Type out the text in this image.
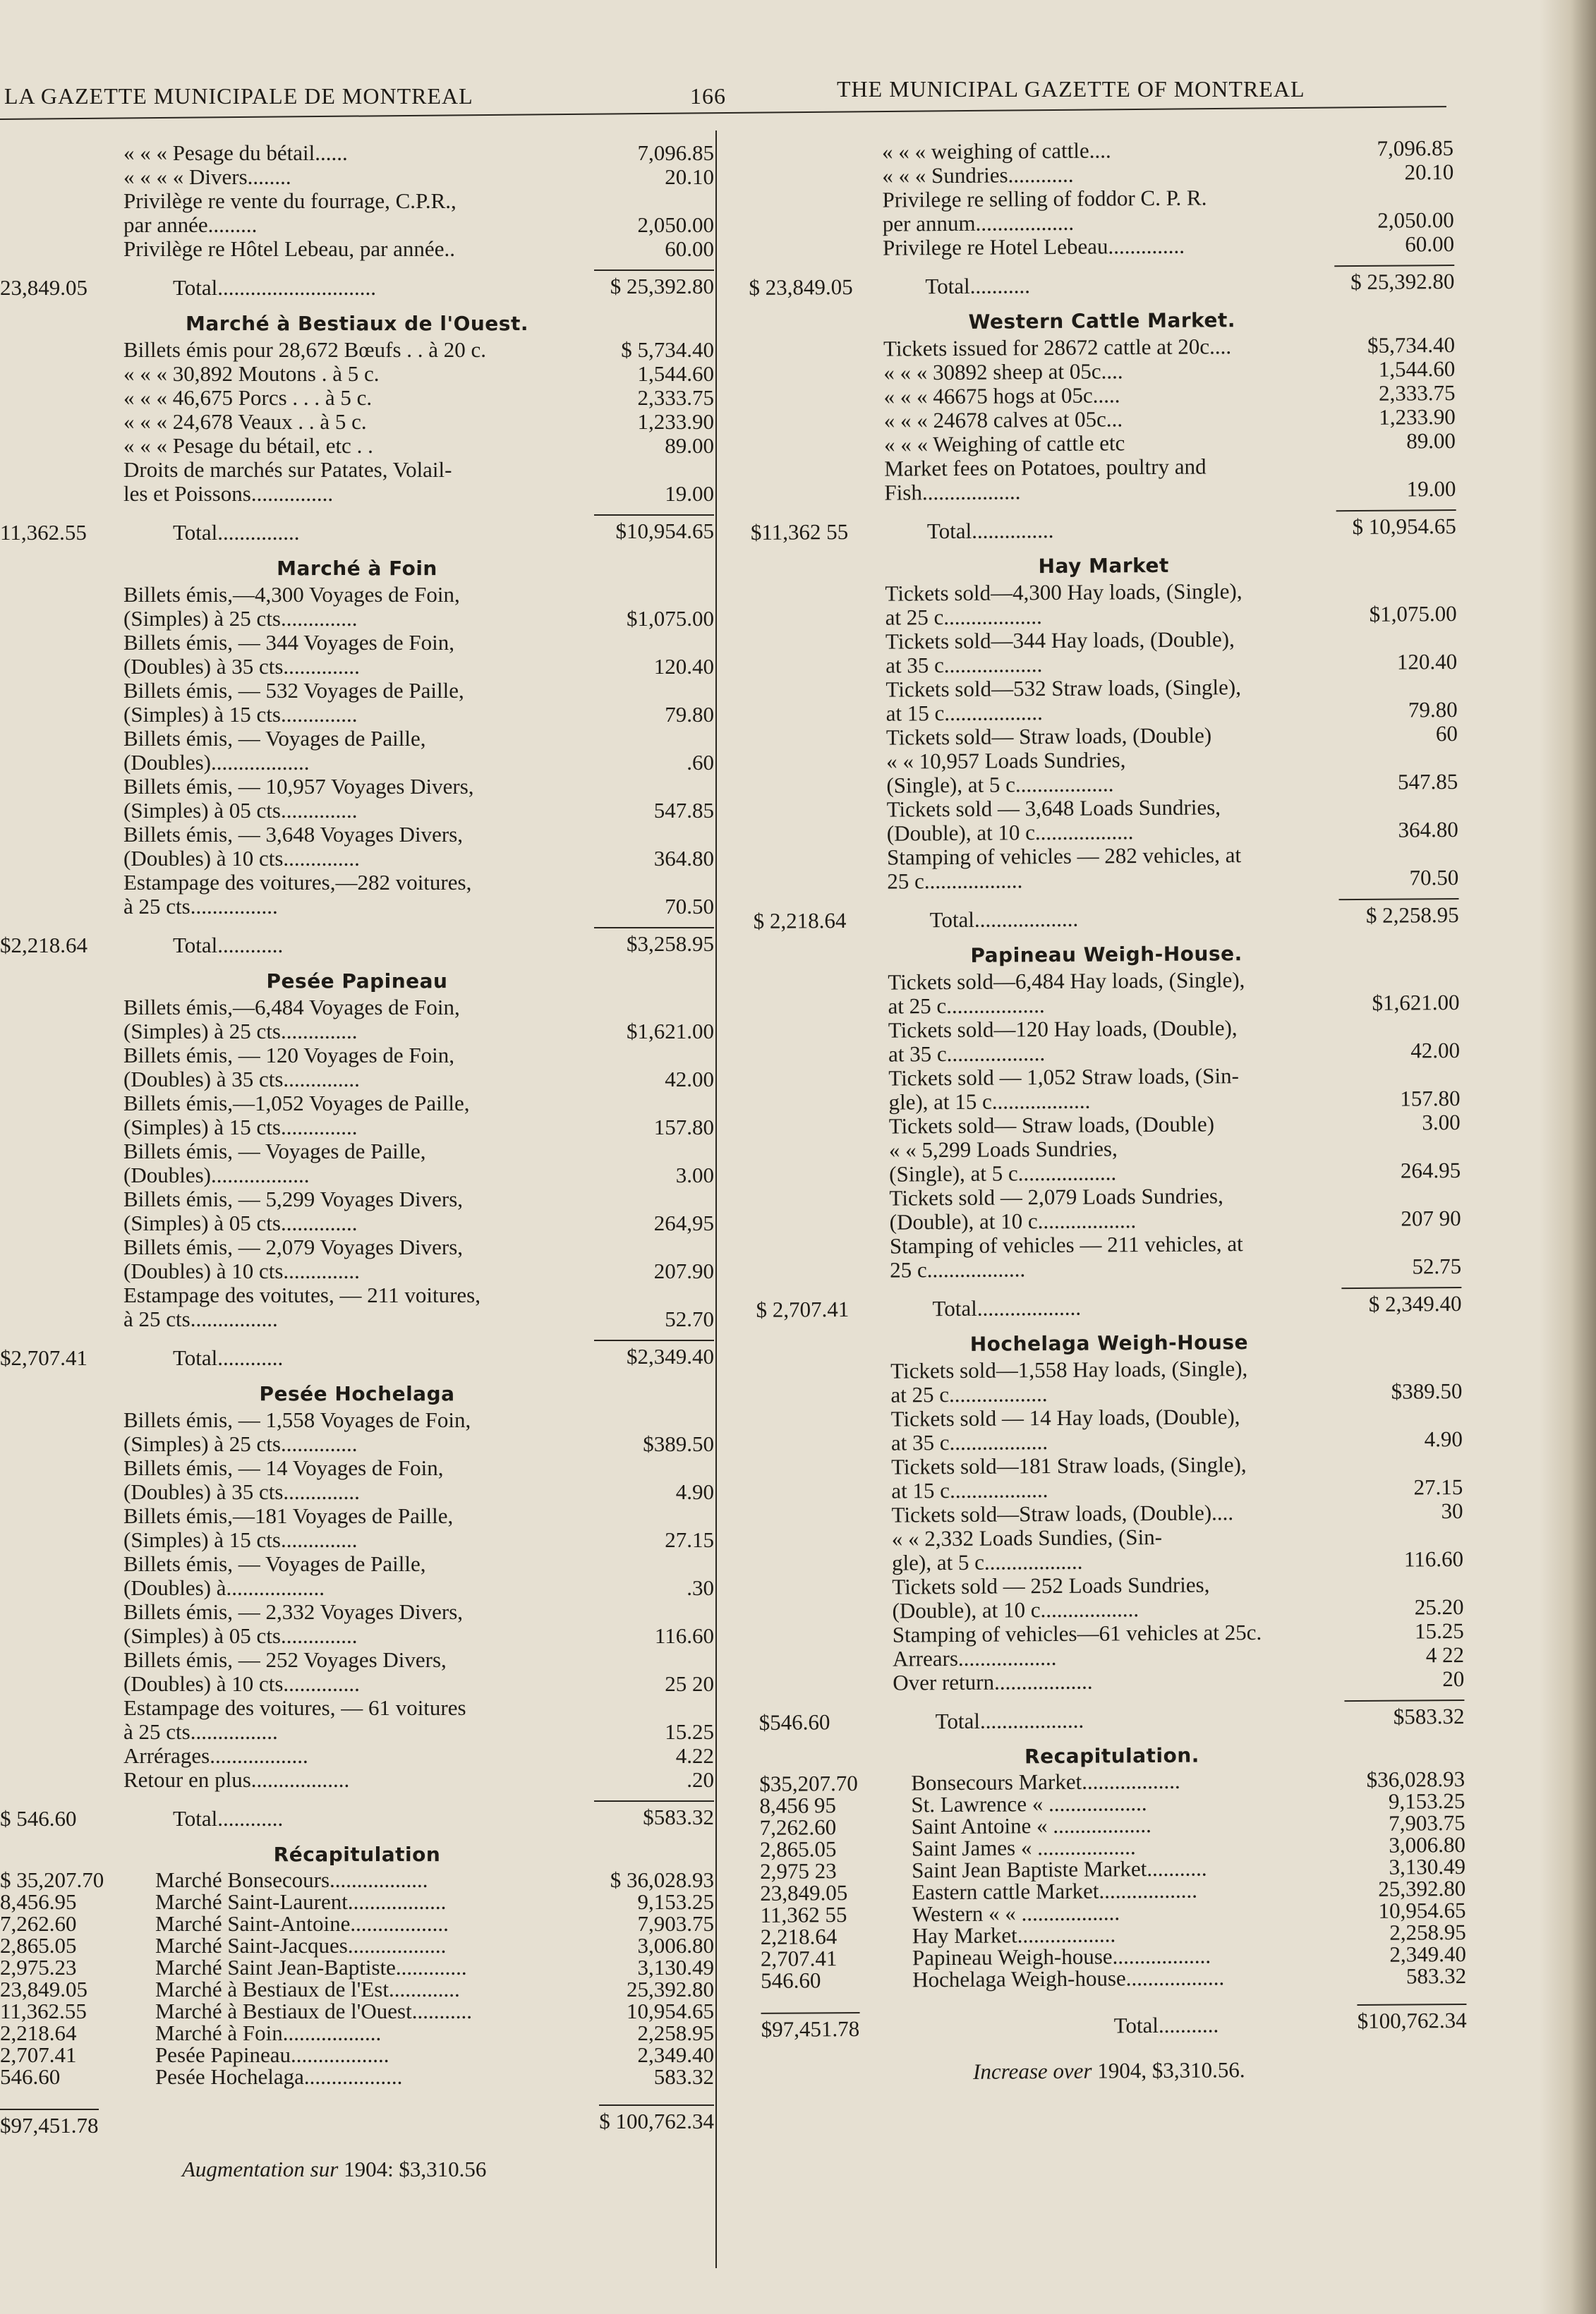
LA GAZETTE MUNICIPALE DE MONTREAL	166	THE MUNICIPAL GAZETTE OF MONTREAL
« « « Pesage du bétail......	7,096.85
« « « « Divers........	20.10
Privilège re vente du fourrage, C.P.R.,
par année.........	2,050.00
Privilège re Hôtel Lebeau, par année..	60.00
23,849.05	Total.............................	$ 25,392.80
Marché à Bestiaux de l'Ouest.
Billets émis pour 28,672 Bœufs . . à 20 c.	$ 5,734.40
« « « 30,892 Moutons . à 5 c.	1,544.60
« « « 46,675 Porcs . . . à 5 c.	2,333.75
« « « 24,678 Veaux . . à 5 c.	1,233.90
« « « Pesage du bétail, etc . .	89.00
Droits de marchés sur Patates, Volail-
les et Poissons...............	19.00
11,362.55	Total...............	$10,954.65
Marché à Foin
Billets émis,—4,300 Voyages de Foin,
(Simples) à 25 cts..............	$1,075.00
Billets émis, — 344 Voyages de Foin,
(Doubles) à 35 cts..............	120.40
Billets émis, — 532 Voyages de Paille,
(Simples) à 15 cts..............	79.80
Billets émis, — Voyages de Paille,
(Doubles)..................	.60
Billets émis, — 10,957 Voyages Divers,
(Simples) à 05 cts..............	547.85
Billets émis, — 3,648 Voyages Divers,
(Doubles) à 10 cts..............	364.80
Estampage des voitures,—282 voitures,
à 25 cts................	70.50
$2,218.64	Total............	$3,258.95
Pesée Papineau
Billets émis,—6,484 Voyages de Foin,
(Simples) à 25 cts..............	$1,621.00
Billets émis, — 120 Voyages de Foin,
(Doubles) à 35 cts..............	42.00
Billets émis,—1,052 Voyages de Paille,
(Simples) à 15 cts..............	157.80
Billets émis, — Voyages de Paille,
(Doubles)..................	3.00
Billets émis, — 5,299 Voyages Divers,
(Simples) à 05 cts..............	264,95
Billets émis, — 2,079 Voyages Divers,
(Doubles) à 10 cts..............	207.90
Estampage des voitutes, — 211 voitures,
à 25 cts................	52.70
$2,707.41	Total............	$2,349.40
Pesée Hochelaga
Billets émis, — 1,558 Voyages de Foin,
(Simples) à 25 cts..............	$389.50
Billets émis, — 14 Voyages de Foin,
(Doubles) à 35 cts..............	4.90
Billets émis,—181 Voyages de Paille,
(Simples) à 15 cts..............	27.15
Billets émis, — Voyages de Paille,
(Doubles) à..................	.30
Billets émis, — 2,332 Voyages Divers,
(Simples) à 05 cts..............	116.60
Billets émis, — 252 Voyages Divers,
(Doubles) à 10 cts..............	25 20
Estampage des voitures, — 61 voitures
à 25 cts................	15.25
Arrérages..................	4.22
Retour en plus..................	.20
$ 546.60	Total............	$583.32
Récapitulation
$ 35,207.70 Marché Bonsecours..................	$ 36,028.93
8,456.95	Marché Saint-Laurent..................	9,153.25
7,262.60	Marché Saint-Antoine..................	7,903.75
2,865.05	Marché Saint-Jacques..................	3,006.80
2,975.23	Marché Saint Jean-Baptiste.............	3,130.49
23,849.05	Marché à Bestiaux de l'Est.............	25,392.80
11,362.55	Marché à Bestiaux de l'Ouest...........	10,954.65
2,218.64	Marché à Foin..................	2,258.95
2,707.41	Pesée Papineau..................	2,349.40
546.60	Pesée Hochelaga..................	583.32
$97,451.78	$ 100,762.34
Augmentation sur 1904: $3,310.56
« « « weighing of cattle....	7,096.85
« « « Sundries............	20.10
Privilege re selling of foddor C. P. R.
per annum..................	2,050.00
Privilege re Hotel Lebeau..............	60.00
$ 23,849.05	Total...........	$ 25,392.80
Western Cattle Market.
Tickets issued for 28672 cattle at 20c....	$5,734.40
« « « 30892 sheep at 05c....	1,544.60
« « « 46675 hogs at 05c.....	2,333.75
« « « 24678 calves at 05c...	1,233.90
« « « Weighing of cattle etc	89.00
Market fees on Potatoes, poultry and
Fish..................	19.00
$11,362 55	Total...............	$ 10,954.65
Hay Market
Tickets sold—4,300 Hay loads, (Single),
at 25 c..................	$1,075.00
Tickets sold—344 Hay loads, (Double),
at 35 c..................	120.40
Tickets sold—532 Straw loads, (Single),
at 15 c..................	79.80
Tickets sold— Straw loads, (Double)	60
« « 10,957 Loads Sundries,
(Single), at 5 c..................	547.85
Tickets sold — 3,648 Loads Sundries,
(Double), at 10 c..................	364.80
Stamping of vehicles — 282 vehicles, at
25 c..................	70.50
$ 2,218.64	Total...................	$ 2,258.95
Papineau Weigh-House.
Tickets sold—6,484 Hay loads, (Single),
at 25 c..................	$1,621.00
Tickets sold—120 Hay loads, (Double),
at 35 c..................	42.00
Tickets sold — 1,052 Straw loads, (Sin-
gle), at 15 c..................	157.80
Tickets sold— Straw loads, (Double)	3.00
« « 5,299 Loads Sundries,
(Single), at 5 c..................	264.95
Tickets sold — 2,079 Loads Sundries,
(Double), at 10 c..................	207 90
Stamping of vehicles — 211 vehicles, at
25 c..................	52.75
$ 2,707.41	Total...................	$ 2,349.40
Hochelaga Weigh-House
Tickets sold—1,558 Hay loads, (Single),
at 25 c..................	$389.50
Tickets sold — 14 Hay loads, (Double),
at 35 c..................	4.90
Tickets sold—181 Straw loads, (Single),
at 15 c..................	27.15
Tickets sold—Straw loads, (Double)....	30
« « 2,332 Loads Sundies, (Sin-
gle), at 5 c..................	116.60
Tickets sold — 252 Loads Sundries,
(Double), at 10 c..................	25.20
Stamping of vehicles—61 vehicles at 25c.	15.25
Arrears..................	4 22
Over return..................	20
$546.60	Total...................	$583.32
Recapitulation.
$35,207.70 Bonsecours Market..................	$36,028.93
8,456 95	St. Lawrence « ..................	9,153.25
7,262.60	Saint Antoine « ..................	7,903.75
2,865.05	Saint James « ..................	3,006.80
2,975 23	Saint Jean Baptiste Market...........	3,130.49
23,849.05	Eastern cattle Market..................	25,392.80
11,362 55	Western « « ..................	10,954.65
2,218.64	Hay Market..................	2,258.95
2,707.41	Papineau Weigh-house..................	2,349.40
546.60	Hochelaga Weigh-house..................	583.32
$97,451.78	Total...........	$100,762.34
Increase over 1904, $3,310.56.
